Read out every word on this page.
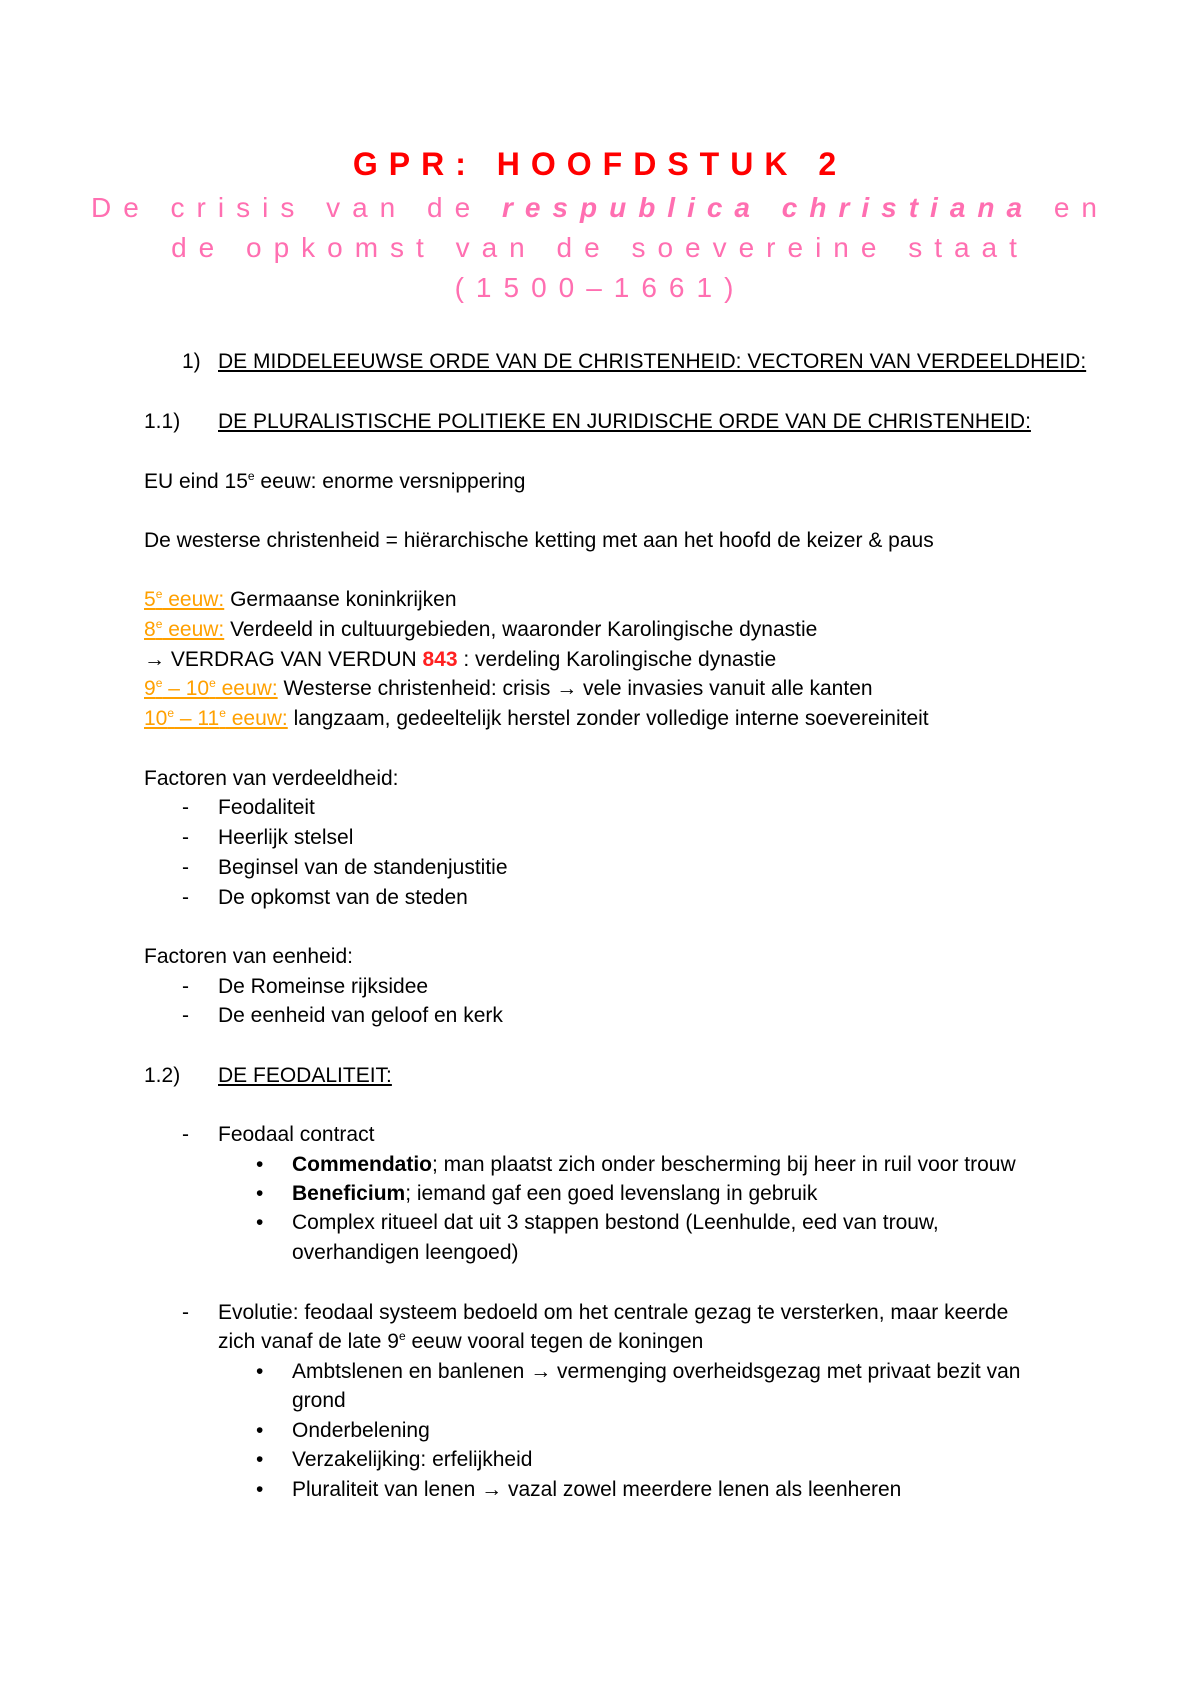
GPR: HOOFDSTUK 2
De crisis van de respublica christiana en
de opkomst van de soevereine staat
(1500–1661)
1) DE MIDDELEEUWSE ORDE VAN DE CHRISTENHEID: VECTOREN VAN VERDEELDHEID:
1.1) DE PLURALISTISCHE POLITIEKE EN JURIDISCHE ORDE VAN DE CHRISTENHEID:
EU eind 15e eeuw: enorme versnippering
De westerse christenheid = hiërarchische ketting met aan het hoofd de keizer & paus
5e eeuw: Germaanse koninkrijken
8e eeuw: Verdeeld in cultuurgebieden, waaronder Karolingische dynastie
→ VERDRAG VAN VERDUN 843 : verdeling Karolingische dynastie
9e – 10e eeuw: Westerse christenheid: crisis → vele invasies vanuit alle kanten
10e – 11e eeuw: langzaam, gedeeltelijk herstel zonder volledige interne soevereiniteit
Factoren van verdeeldheid:
- Feodaliteit
- Heerlijk stelsel
- Beginsel van de standenjustitie
- De opkomst van de steden
Factoren van eenheid:
- De Romeinse rijksidee
- De eenheid van geloof en kerk
1.2) DE FEODALITEIT:
- Feodaal contract
• Commendatio; man plaatst zich onder bescherming bij heer in ruil voor trouw
• Beneficium; iemand gaf een goed levenslang in gebruik
• Complex ritueel dat uit 3 stappen bestond (Leenhulde, eed van trouw,
overhandigen leengoed)
- Evolutie: feodaal systeem bedoeld om het centrale gezag te versterken, maar keerde
zich vanaf de late 9e eeuw vooral tegen de koningen
• Ambtslenen en banlenen → vermenging overheidsgezag met privaat bezit van
grond
• Onderbelening
• Verzakelijking: erfelijkheid
• Pluraliteit van lenen → vazal zowel meerdere lenen als leenheren
